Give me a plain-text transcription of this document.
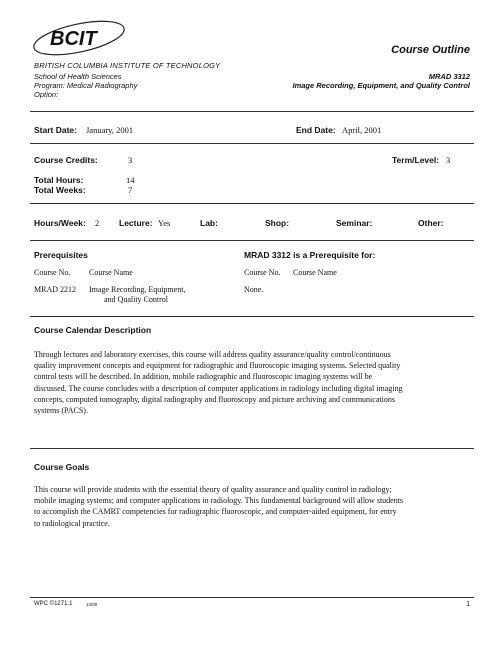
BCIT	Course Outline
BRITISH COLUMBIA INSTITUTE OF TECHNOLOGY
School of Health Sciences
Program: Medical Radiography
Option:
MRAD 3312
Image Recording, Equipment, and Quality Control
Start Date: January, 2001	End Date: April, 2001
Course Credits:	3	Term/Level: 3
Total Hours:	14
Total Weeks:	7
Hours/Week: 2 Lecture: Yes	Lab:	Shop:	Seminar:	Other:
Prerequisites	MRAD 3312 is a Prerequisite for:
Course No. Course Name	Course No. Course Name
MRAD 2212 Image Recording, Equipment,
and Quality Control
None.
Course Calendar Description
Through lectures and laboratory exercises, this course will address quality assurance/quality control/continuous
quality improvement concepts and equipment for radiographic and fluoroscopic imaging systems. Selected quality
control tests will be described. In addition, mobile radiographic and fluoroscopic imaging systems will be
discussed. The course concludes with a description of computer applications in radiology including digital imaging
concepts, computed tomography, digital radiography and fluoroscopy and picture archiving and communications
systems (PACS).
Course Goals
This course will provide students with the essential theory of quality assurance and quality control in radiology;
mobile imaging systems; and computer applications in radiology. This fundamental background will allow students
to accomplish the CAMRT competencies for radiographic fluoroscopic, and computer-aided equipment, for entry
to radiological practice.
WPC ©1271.1	12/00	1
